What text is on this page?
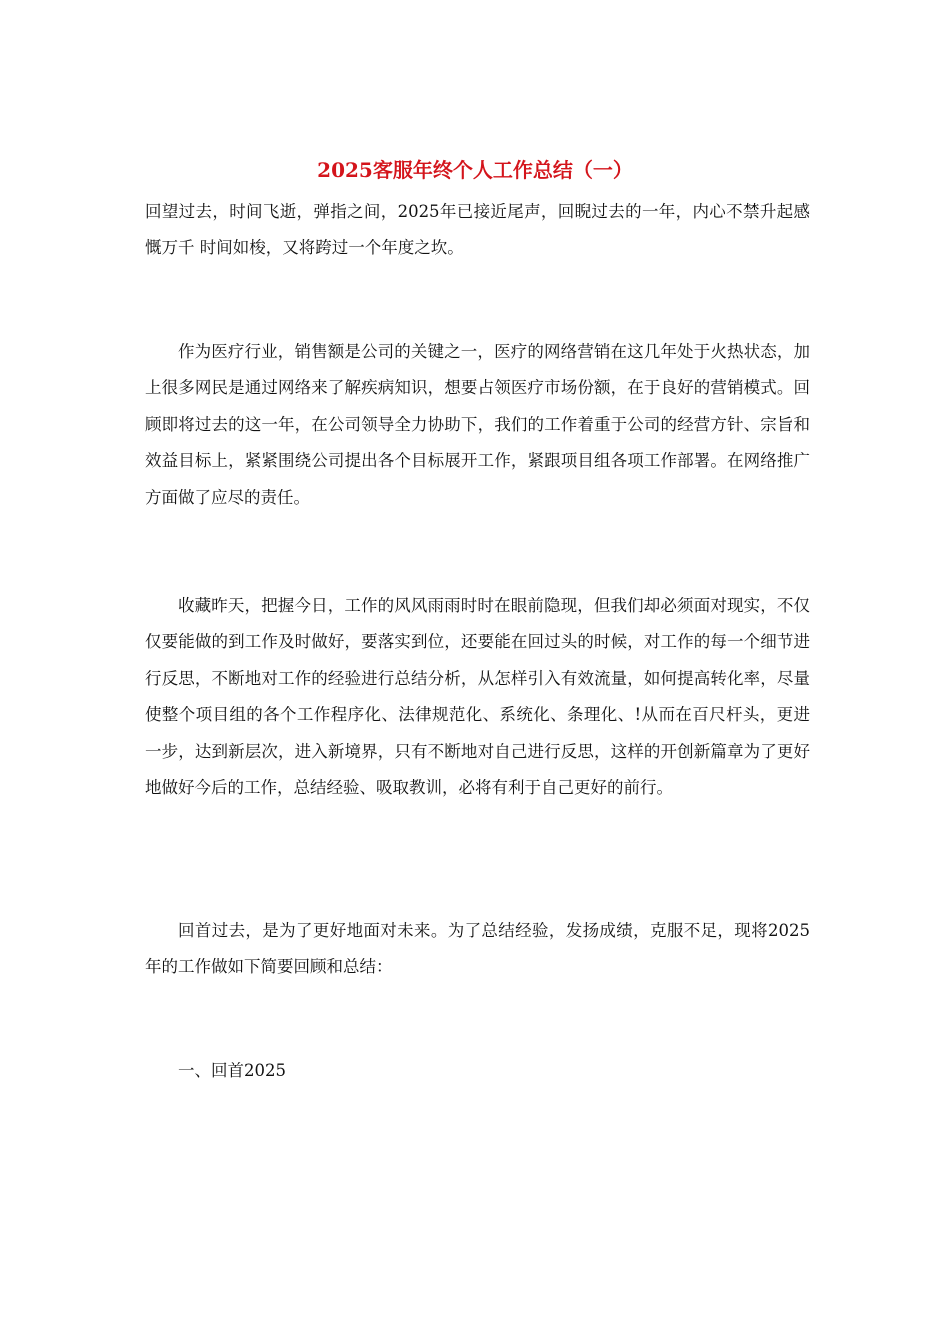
2025客服年终个人工作总结（一）

回望过去，时间飞逝，弹指之间，2025年已接近尾声，回睨过去的一年，内心不禁升起感慨万千 时间如梭，又将跨过一个年度之坎。

作为医疗行业，销售额是公司的关键之一，医疗的网络营销在这几年处于火热状态，加上很多网民是通过网络来了解疾病知识，想要占领医疗市场份额，在于良好的营销模式。回顾即将过去的这一年，在公司领导全力协助下，我们的工作着重于公司的经营方针、宗旨和效益目标上，紧紧围绕公司提出各个目标展开工作，紧跟项目组各项工作部署。在网络推广方面做了应尽的责任。

收藏昨天，把握今日，工作的风风雨雨时时在眼前隐现，但我们却必须面对现实，不仅仅要能做的到工作及时做好，要落实到位，还要能在回过头的时候，对工作的每一个细节进行反思，不断地对工作的经验进行总结分析，从怎样引入有效流量，如何提高转化率，尽量使整个项目组的各个工作程序化、法律规范化、系统化、条理化、!从而在百尺杆头，更进一步，达到新层次，进入新境界，只有不断地对自己进行反思，这样的开创新篇章为了更好地做好今后的工作，总结经验、吸取教训，必将有利于自己更好的前行。

回首过去，是为了更好地面对未来。为了总结经验，发扬成绩，克服不足，现将2025年的工作做如下简要回顾和总结：

一、回首2025
